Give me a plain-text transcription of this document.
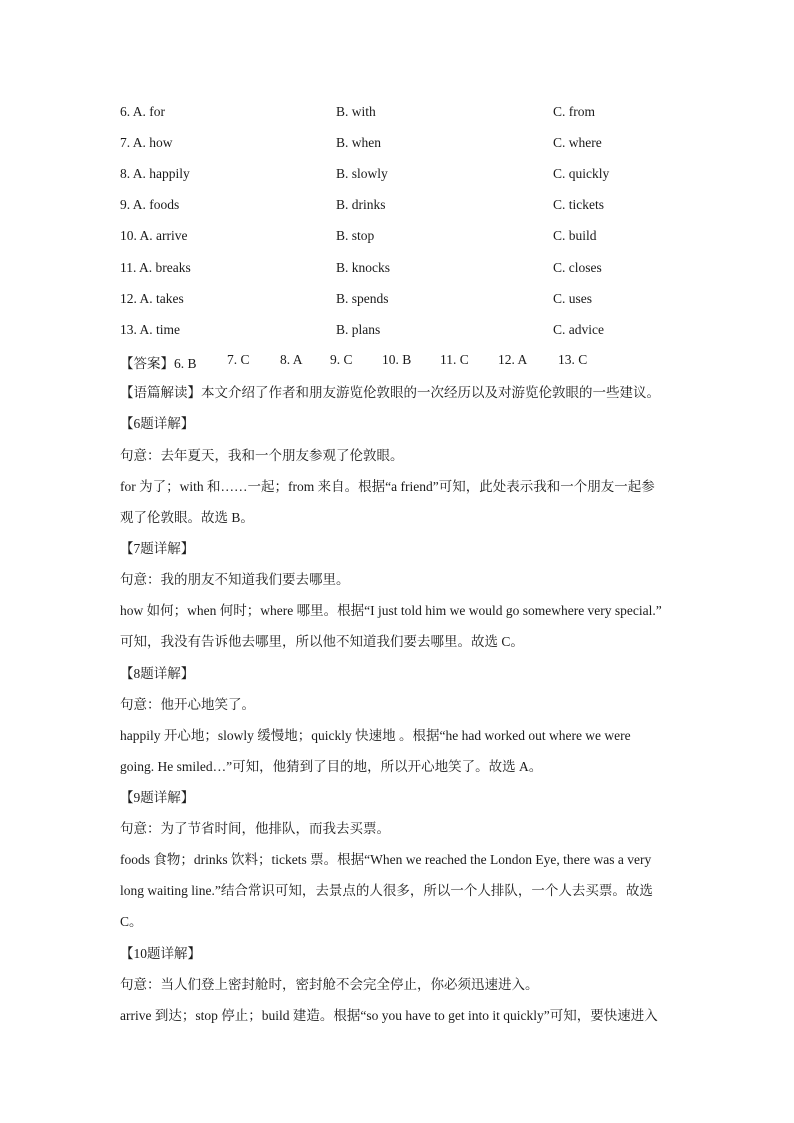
6. A. for	B. with	C. from
7. A. how	B. when	C. where
8. A. happily	B. slowly	C. quickly
9. A. foods	B. drinks	C. tickets
10. A. arrive	B. stop	C. build
11. A. breaks	B. knocks	C. closes
12. A. takes	B. spends	C. uses
13. A. time	B. plans	C. advice
【答案】6. B 7. C 8. A 9. C 10. B 11. C 12. A 13. C
【语篇解读】本文介绍了作者和朋友游览伦敦眼的一次经历以及对游览伦敦眼的一些建议。
【6题详解】
句意：去年夏天，我和一个朋友参观了伦敦眼。
for 为了；with 和……一起；from 来自。根据“a friend”可知，此处表示我和一个朋友一起参
观了伦敦眼。故选 B。
【7题详解】
句意：我的朋友不知道我们要去哪里。
how 如何；when 何时；where 哪里。根据“I just told him we would go somewhere very special.”
可知，我没有告诉他去哪里，所以他不知道我们要去哪里。故选 C。
【8题详解】
句意：他开心地笑了。
happily 开心地；slowly 缓慢地；quickly 快速地 。根据“he had worked out where we were
going. He smiled…”可知，他猜到了目的地，所以开心地笑了。故选 A。
【9题详解】
句意：为了节省时间，他排队，而我去买票。
foods 食物；drinks 饮料；tickets 票。根据“When we reached the London Eye, there was a very
long waiting line.”结合常识可知，去景点的人很多，所以一个人排队，一个人去买票。故选
C。
【10题详解】
句意：当人们登上密封舱时，密封舱不会完全停止，你必须迅速进入。
arrive 到达；stop 停止；build 建造。根据“so you have to get into it quickly”可知，要快速进入
